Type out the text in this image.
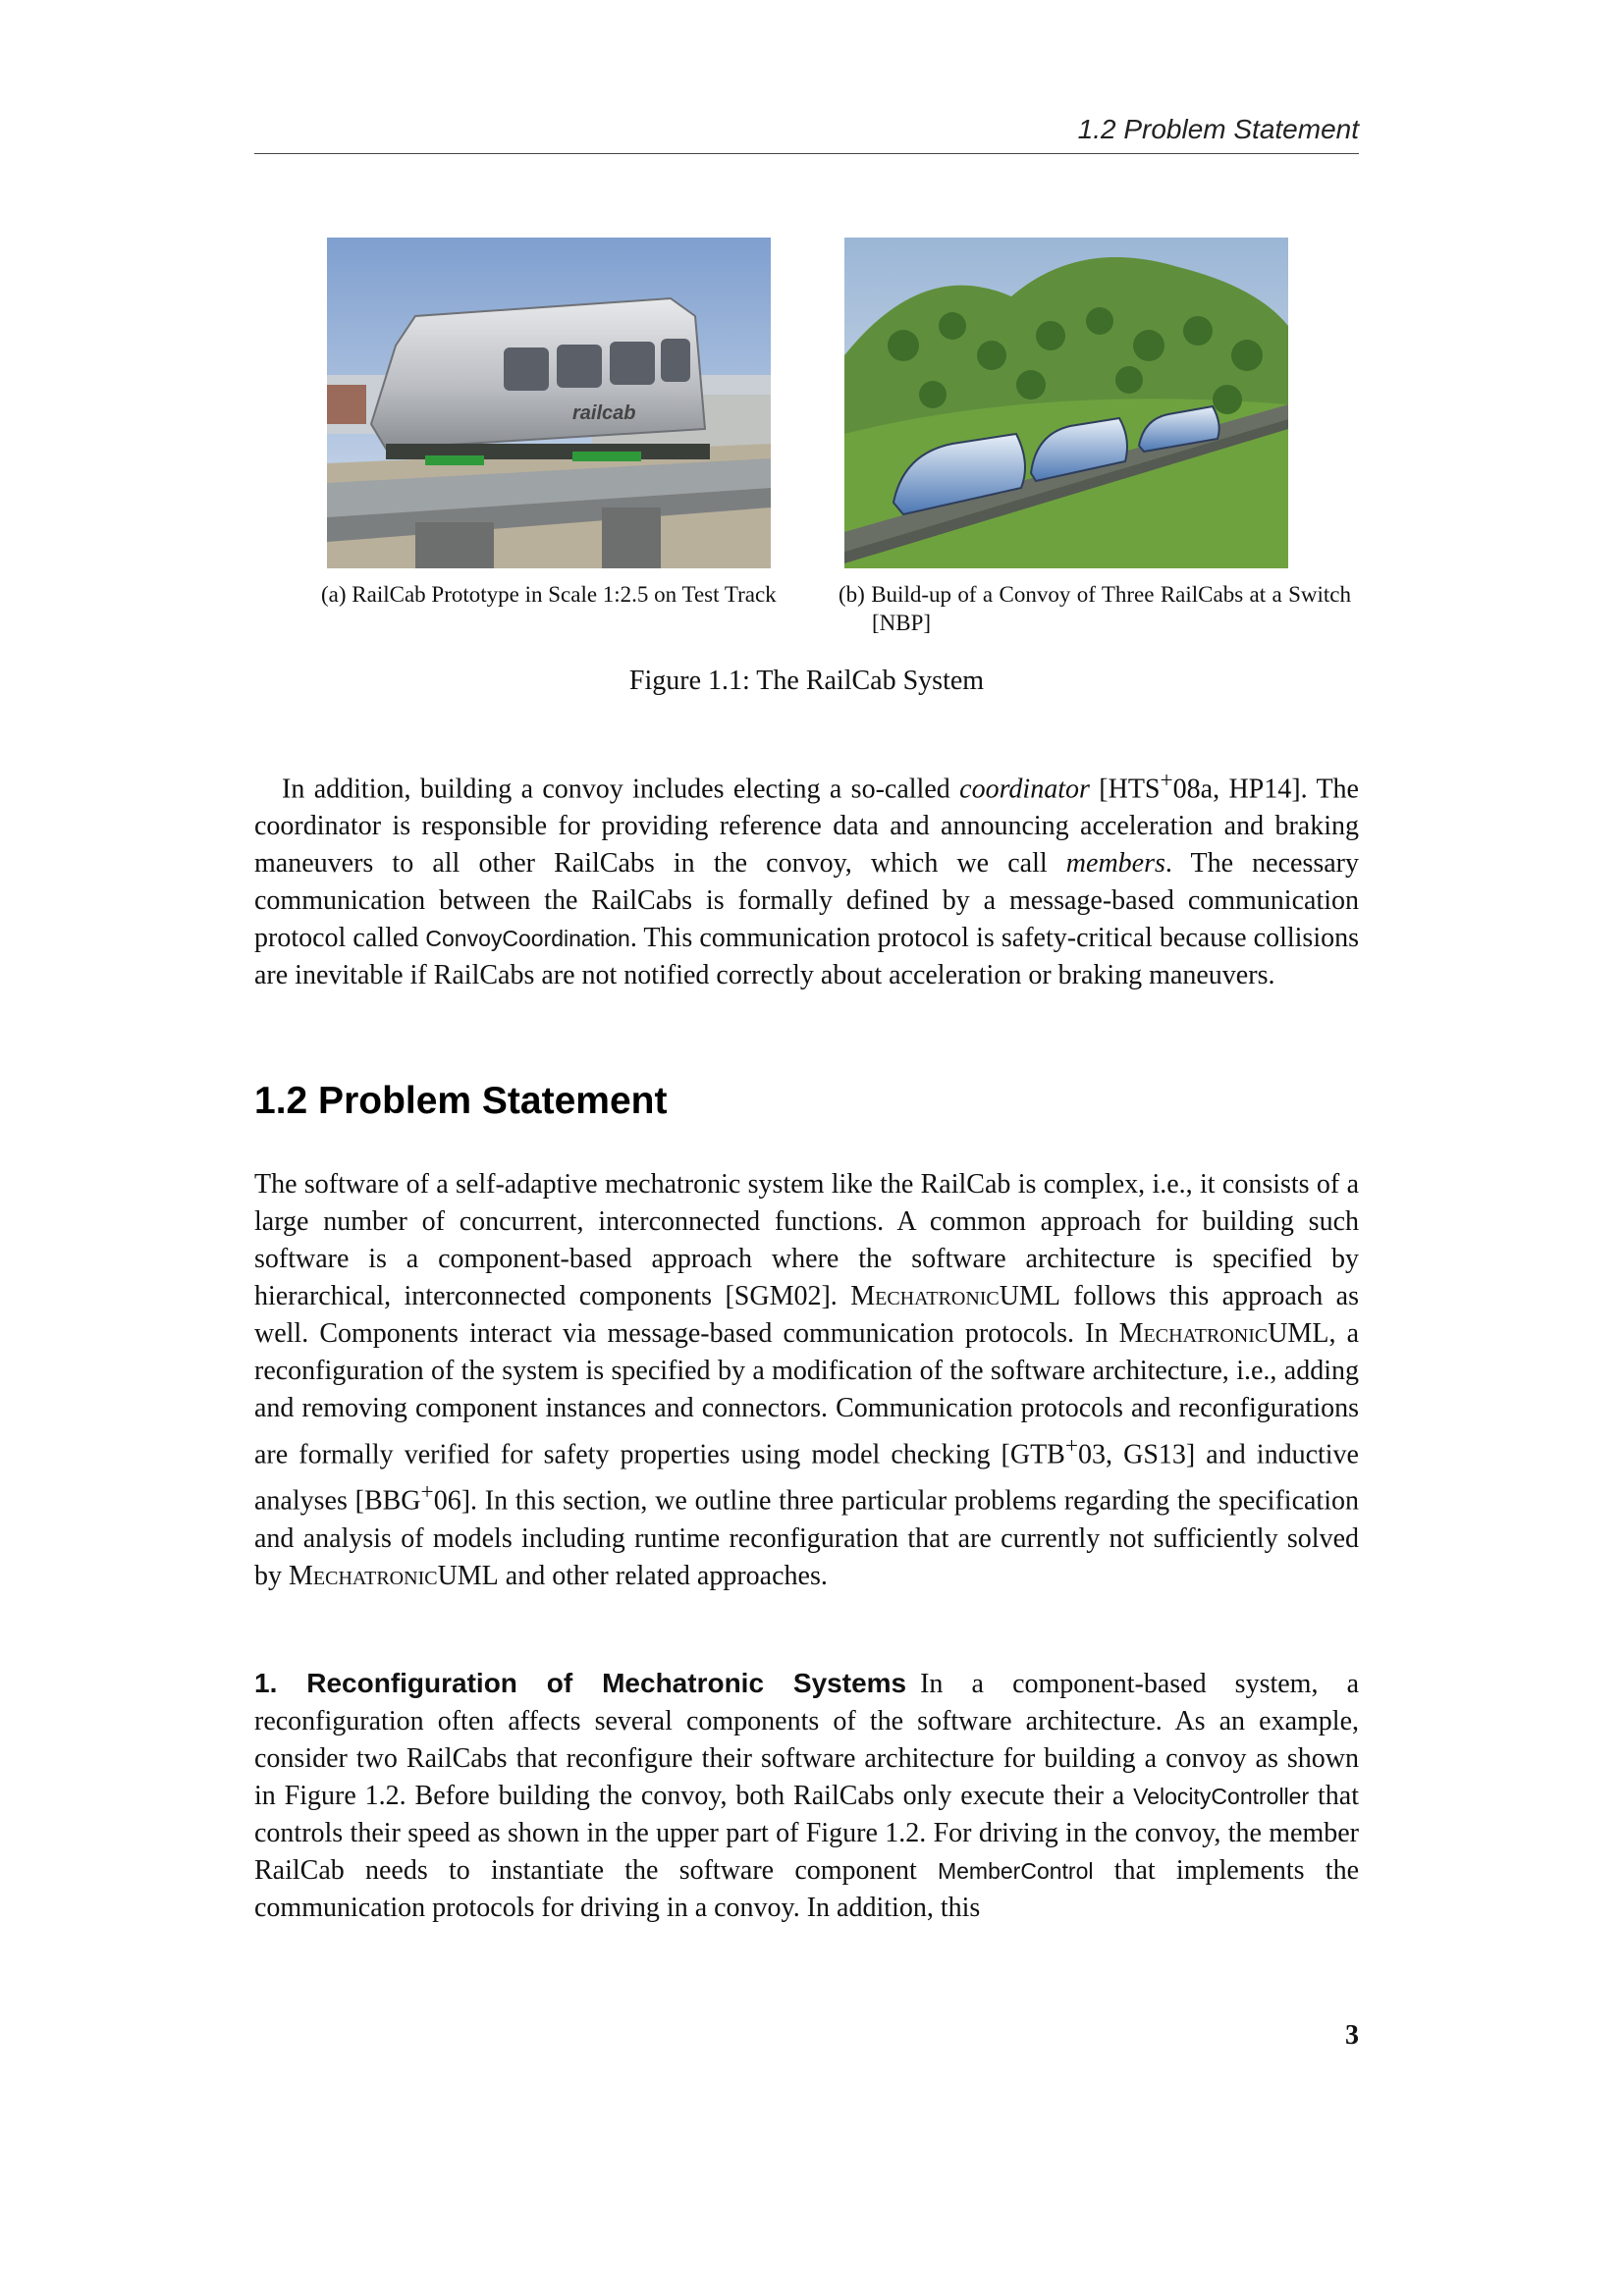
1.2 Problem Statement
railcab
(a) RailCab Prototype in Scale 1:2.5 on Test Track	(b) Build-up of a Convoy of Three RailCabs at a Switch [NBP]
Figure 1.1: The RailCab System

In addition, building a convoy includes electing a so-called coordinator [HTS+08a, HP14]. The coordinator is responsible for providing reference data and announcing acceleration and braking maneuvers to all other RailCabs in the convoy, which we call members. The necessary communication between the RailCabs is formally defined by a message-based communication protocol called ConvoyCoordination. This communication protocol is safety-critical because collisions are inevitable if RailCabs are not notified correctly about acceleration or braking maneuvers.

1.2 Problem Statement

The software of a self-adaptive mechatronic system like the RailCab is complex, i.e., it consists of a large number of concurrent, interconnected functions. A common approach for building such software is a component-based approach where the software architecture is specified by hierarchical, interconnected components [SGM02]. MechatronicUML follows this approach as well. Components interact via message-based communication protocols. In MechatronicUML, a reconfiguration of the system is specified by a modification of the software architecture, i.e., adding and removing component instances and connectors. Communication protocols and reconfigurations are formally verified for safety properties using model checking [GTB+03, GS13] and inductive analyses [BBG+06]. In this section, we outline three particular problems regarding the specification and analysis of models including runtime reconfiguration that are currently not sufficiently solved by MechatronicUML and other related approaches.

1. Reconfiguration of Mechatronic Systems In a component-based system, a reconfiguration often affects several components of the software architecture. As an example, consider two RailCabs that reconfigure their software architecture for building a convoy as shown in Figure 1.2. Before building the convoy, both RailCabs only execute their a VelocityController that controls their speed as shown in the upper part of Figure 1.2. For driving in the convoy, the member RailCab needs to instantiate the software component MemberControl that implements the communication protocols for driving in a convoy. In addition, this

3
